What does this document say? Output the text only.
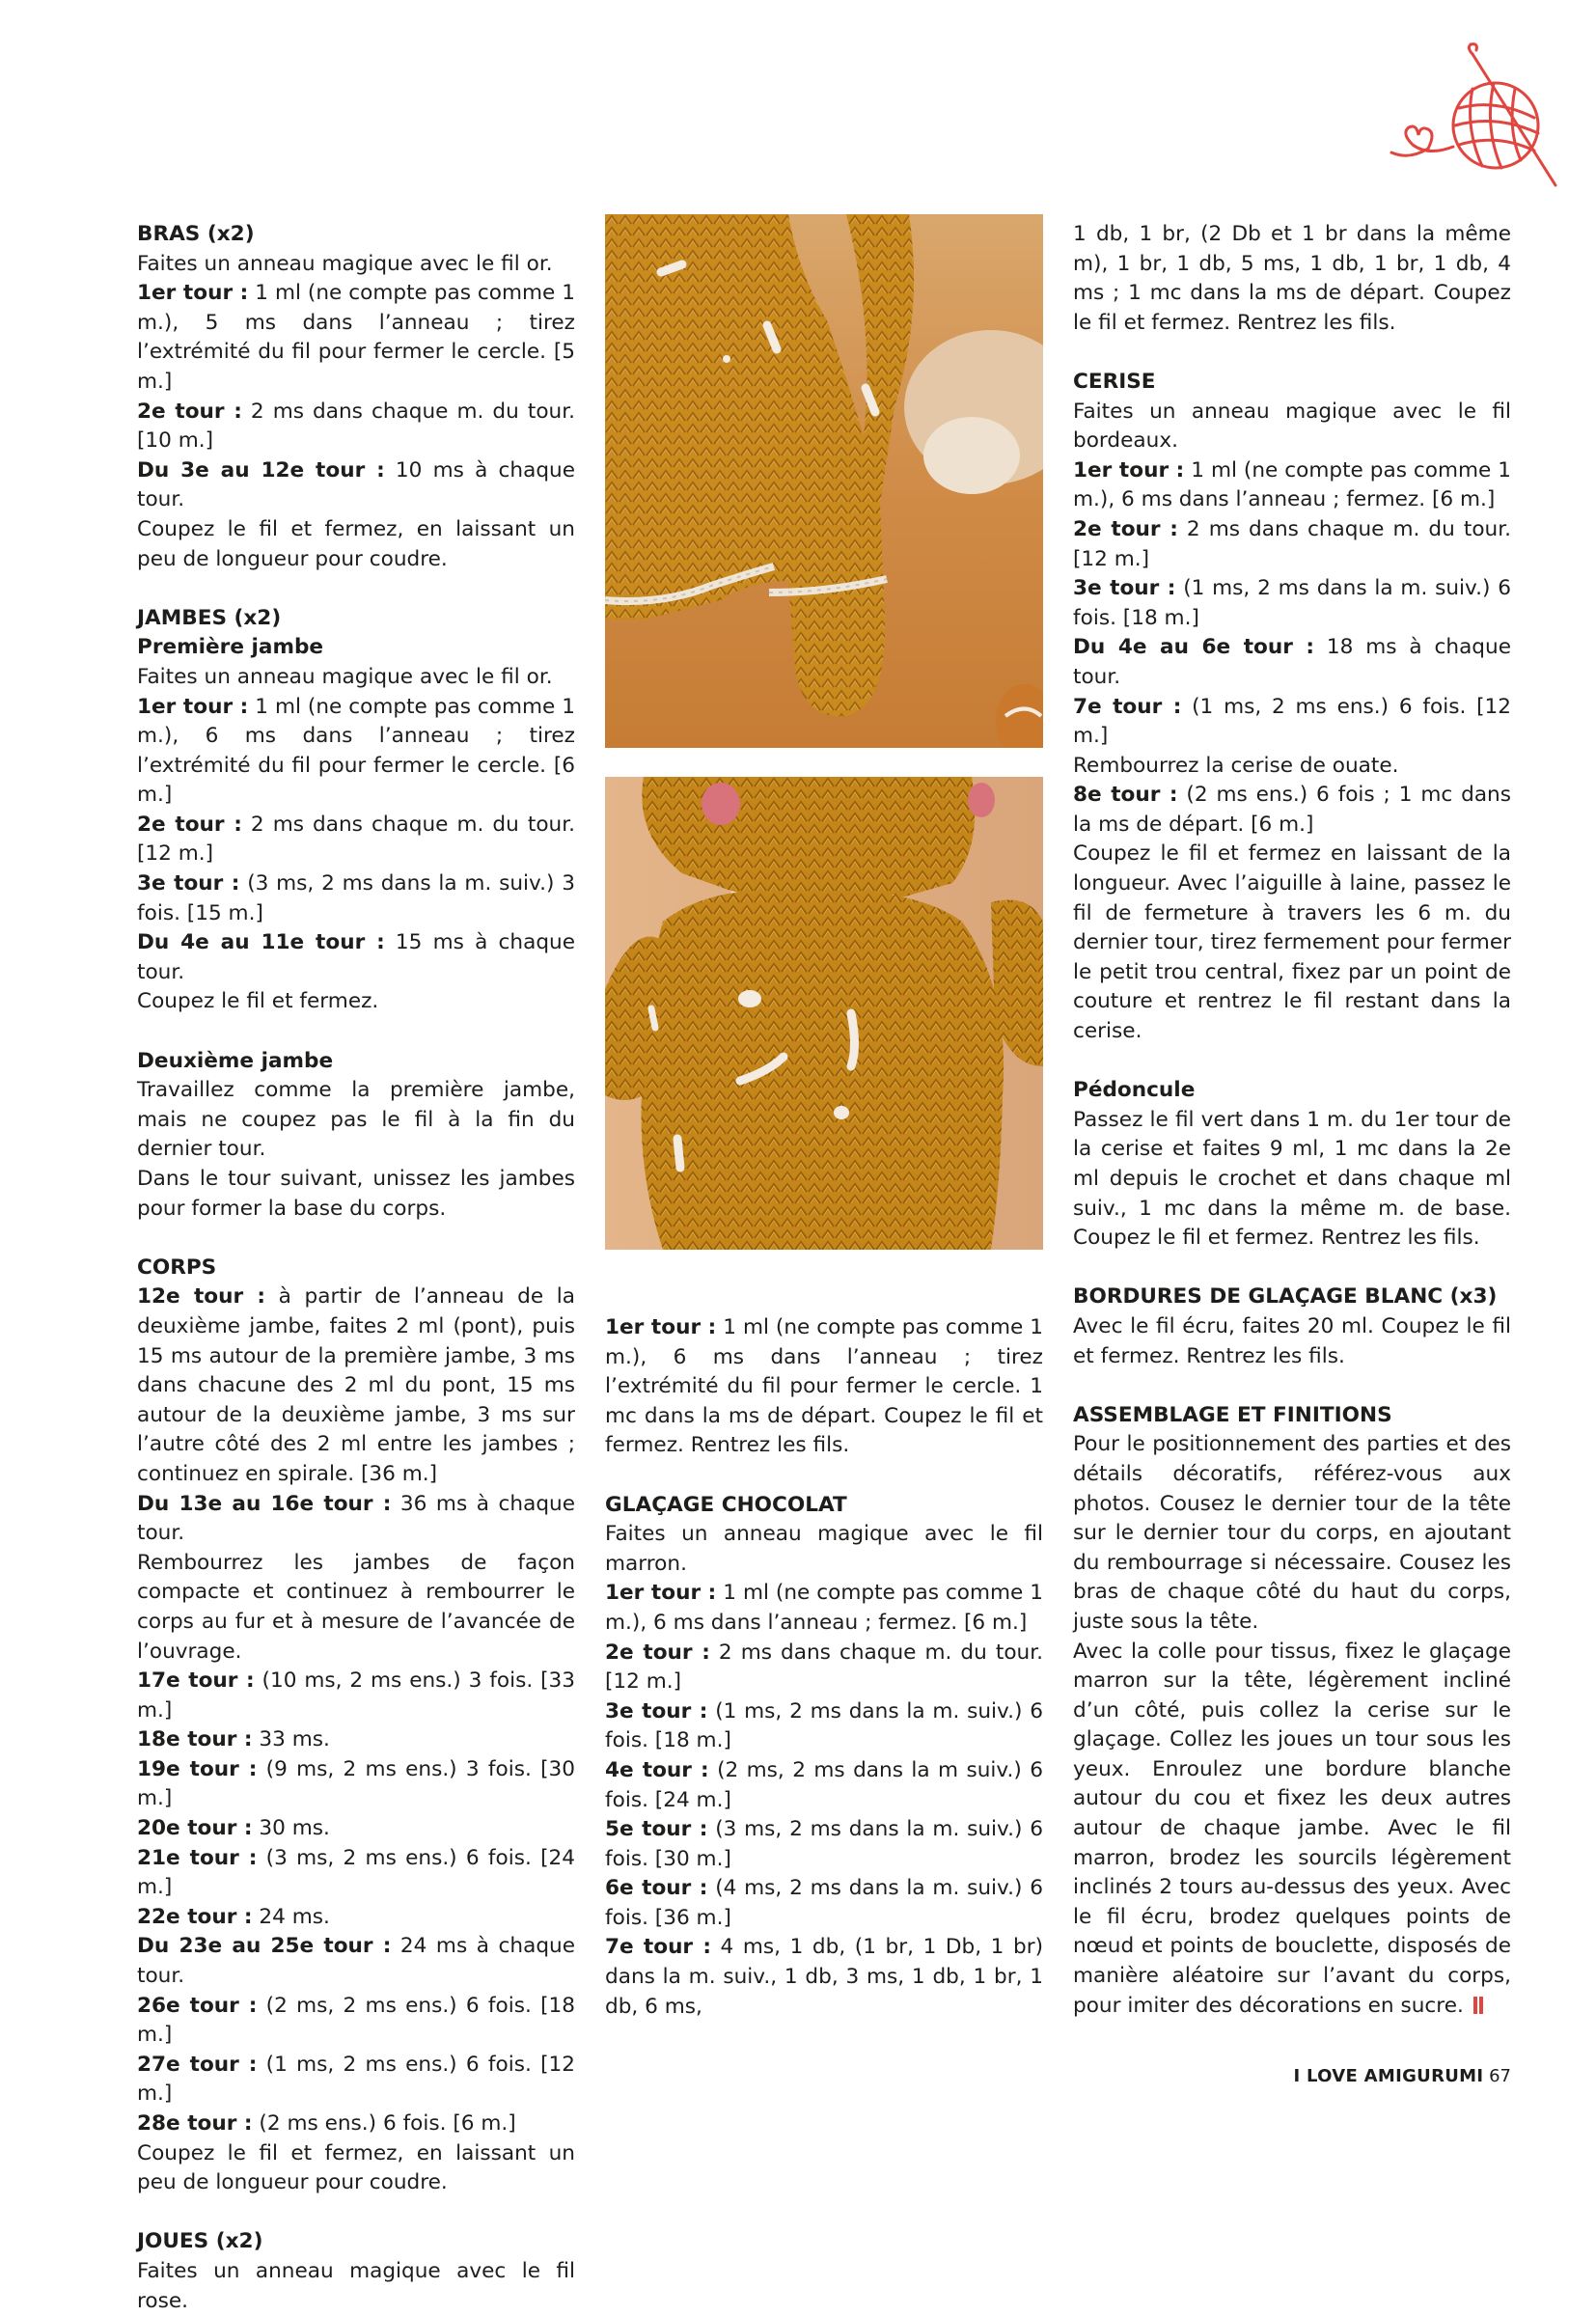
BRAS (x2)

Faites un anneau magique avec le fil or.

1er tour : 1 ml (ne compte pas comme 1 m.), 5 ms dans l’anneau ; tirez l’extrémité du fil pour fermer le cercle. [5 m.]

2e tour : 2 ms dans chaque m. du tour. [10 m.]

Du 3e au 12e tour : 10 ms à chaque tour.

Coupez le fil et fermez, en laissant un peu de longueur pour coudre.

JAMBES (x2)
Première jambe

Faites un anneau magique avec le fil or.

1er tour : 1 ml (ne compte pas comme 1 m.), 6 ms dans l’anneau ; tirez l’extrémité du fil pour fermer le cercle. [6 m.]

2e tour : 2 ms dans chaque m. du tour. [12 m.]

3e tour : (3 ms, 2 ms dans la m. suiv.) 3 fois. [15 m.]

Du 4e au 11e tour : 15 ms à chaque tour.

Coupez le fil et fermez.

Deuxième jambe

Travaillez comme la première jambe, mais ne coupez pas le fil à la fin du dernier tour.

Dans le tour suivant, unissez les jambes pour former la base du corps.

CORPS

12e tour : à partir de l’anneau de la deuxième jambe, faites 2 ml (pont), puis 15 ms autour de la première jambe, 3 ms dans chacune des 2 ml du pont, 15 ms autour de la deuxième jambe, 3 ms sur l’autre côté des 2 ml entre les jambes ; continuez en spirale. [36 m.]

Du 13e au 16e tour : 36 ms à chaque tour.

Rembourrez les jambes de façon compacte et continuez à rembourrer le corps au fur et à mesure de l’avancée de l’ouvrage.

17e tour : (10 ms, 2 ms ens.) 3 fois. [33 m.]

18e tour : 33 ms.

19e tour : (9 ms, 2 ms ens.) 3 fois. [30 m.]

20e tour : 30 ms.

21e tour : (3 ms, 2 ms ens.) 6 fois. [24 m.]

22e tour : 24 ms.

Du 23e au 25e tour : 24 ms à chaque tour.

26e tour : (2 ms, 2 ms ens.) 6 fois. [18 m.]

27e tour : (1 ms, 2 ms ens.) 6 fois. [12 m.]

28e tour : (2 ms ens.) 6 fois. [6 m.]

Coupez le fil et fermez, en laissant un peu de longueur pour coudre.

JOUES (x2)

Faites un anneau magique avec le fil rose.

1er tour : 1 ml (ne compte pas comme 1 m.), 6 ms dans l’anneau ; tirez l’extrémité du fil pour fermer le cercle. 1 mc dans la ms de départ. Coupez le fil et fermez. Rentrez les fils.

GLAÇAGE CHOCOLAT

Faites un anneau magique avec le fil marron.

1er tour : 1 ml (ne compte pas comme 1 m.), 6 ms dans l’anneau ; fermez. [6 m.]

2e tour : 2 ms dans chaque m. du tour. [12 m.]

3e tour : (1 ms, 2 ms dans la m. suiv.) 6 fois. [18 m.]

4e tour : (2 ms, 2 ms dans la m suiv.) 6 fois. [24 m.]

5e tour : (3 ms, 2 ms dans la m. suiv.) 6 fois. [30 m.]

6e tour : (4 ms, 2 ms dans la m. suiv.) 6 fois. [36 m.]

7e tour : 4 ms, 1 db, (1 br, 1 Db, 1 br) dans la m. suiv., 1 db, 3 ms, 1 db, 1 br, 1 db, 6 ms,

1 db, 1 br, (2 Db et 1 br dans la même m), 1 br, 1 db, 5 ms, 1 db, 1 br, 1 db, 4 ms ; 1 mc dans la ms de départ. Coupez le fil et fermez. Rentrez les fils.

CERISE

Faites un anneau magique avec le fil bordeaux.

1er tour : 1 ml (ne compte pas comme 1 m.), 6 ms dans l’anneau ; fermez. [6 m.]

2e tour : 2 ms dans chaque m. du tour. [12 m.]

3e tour : (1 ms, 2 ms dans la m. suiv.) 6 fois. [18 m.]

Du 4e au 6e tour : 18 ms à chaque tour.

7e tour : (1 ms, 2 ms ens.) 6 fois. [12 m.]

Rembourrez la cerise de ouate.

8e tour : (2 ms ens.) 6 fois ; 1 mc dans la ms de départ. [6 m.]

Coupez le fil et fermez en laissant de la longueur. Avec l’aiguille à laine, passez le fil de fermeture à travers les 6 m. du dernier tour, tirez fermement pour fermer le petit trou central, fixez par un point de couture et rentrez le fil restant dans la cerise.

Pédoncule

Passez le fil vert dans 1 m. du 1er tour de la cerise et faites 9 ml, 1 mc dans la 2e ml depuis le crochet et dans chaque ml suiv., 1 mc dans la même m. de base. Coupez le fil et fermez. Rentrez les fils.

BORDURES DE GLAÇAGE BLANC (x3)

Avec le fil écru, faites 20 ml. Coupez le fil et fermez. Rentrez les fils.

ASSEMBLAGE ET FINITIONS

Pour le positionnement des parties et des détails décoratifs, référez-vous aux photos. Cousez le dernier tour de la tête sur le dernier tour du corps, en ajoutant du rembourrage si nécessaire. Cousez les bras de chaque côté du haut du corps, juste sous la tête.

Avec la colle pour tissus, fixez le glaçage marron sur la tête, légèrement incliné d’un côté, puis collez la cerise sur le glaçage. Collez les joues un tour sous les yeux. Enroulez une bordure blanche autour du cou et fixez les deux autres autour de chaque jambe. Avec le fil marron, brodez les sourcils légèrement inclinés 2 tours au-dessus des yeux. Avec le fil écru, brodez quelques points de nœud et points de bouclette, disposés de manière aléatoire sur l’avant du corps, pour imiter des décorations en sucre.

I LOVE AMIGURUMI 67
